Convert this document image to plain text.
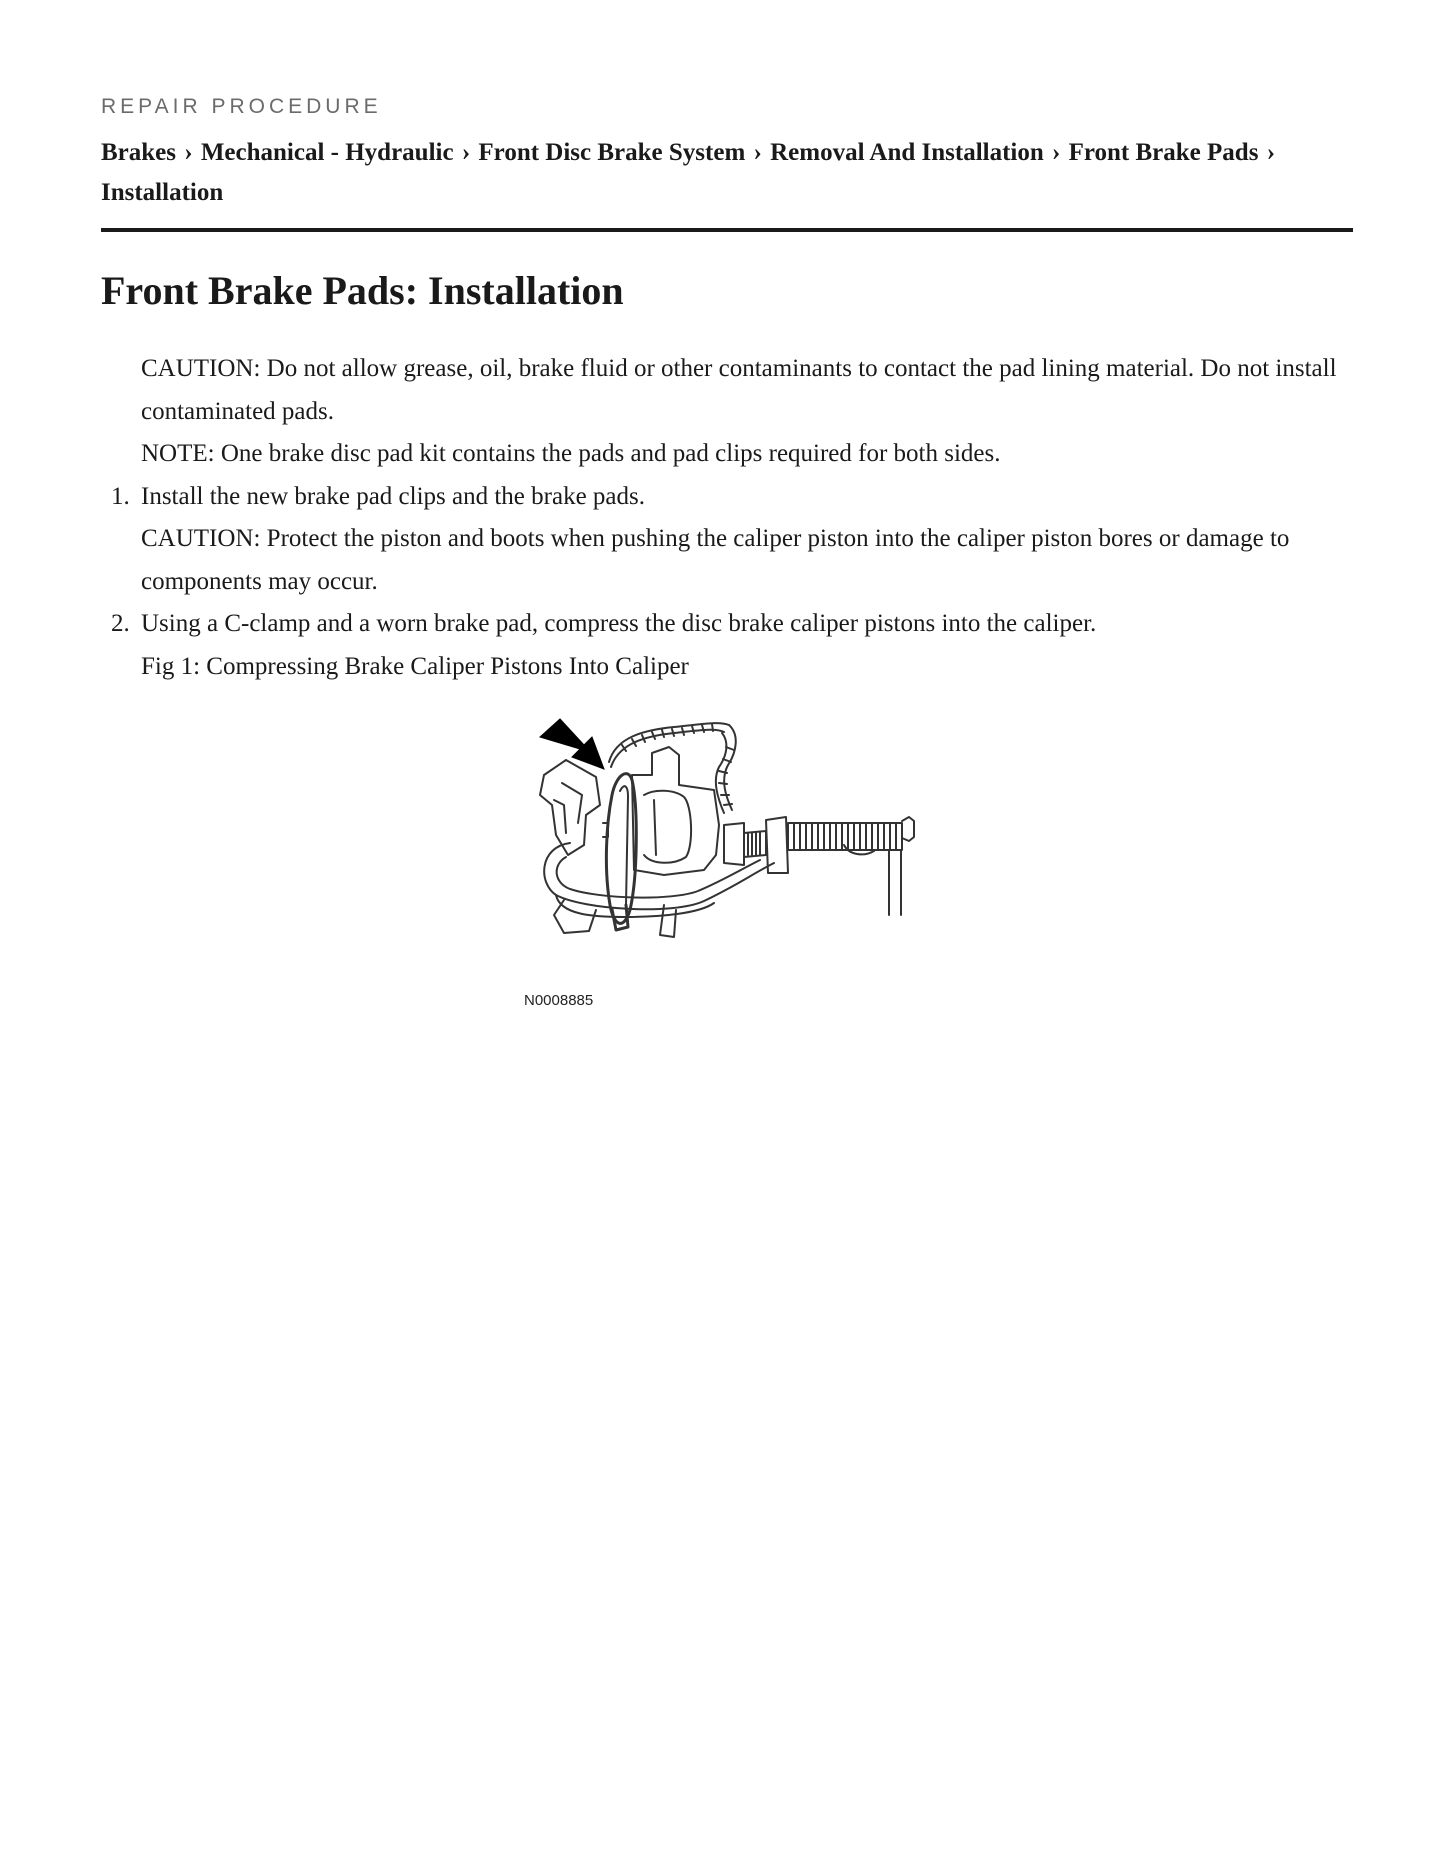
REPAIR PROCEDURE
Brakes › Mechanical - Hydraulic › Front Disc Brake System › Removal And Installation › Front Brake Pads › Installation
Front Brake Pads: Installation

CAUTION: Do not allow grease, oil, brake fluid or other contaminants to contact the pad lining material. Do not install contaminated pads.

NOTE: One brake disc pad kit contains the pads and pad clips required for both sides.

1. Install the new brake pad clips and the brake pads.

CAUTION: Protect the piston and boots when pushing the caliper piston into the caliper piston bores or damage to components may occur.

2. Using a C-clamp and a worn brake pad, compress the disc brake caliper pistons into the caliper.

Fig 1: Compressing Brake Caliper Pistons Into Caliper

N0008885
